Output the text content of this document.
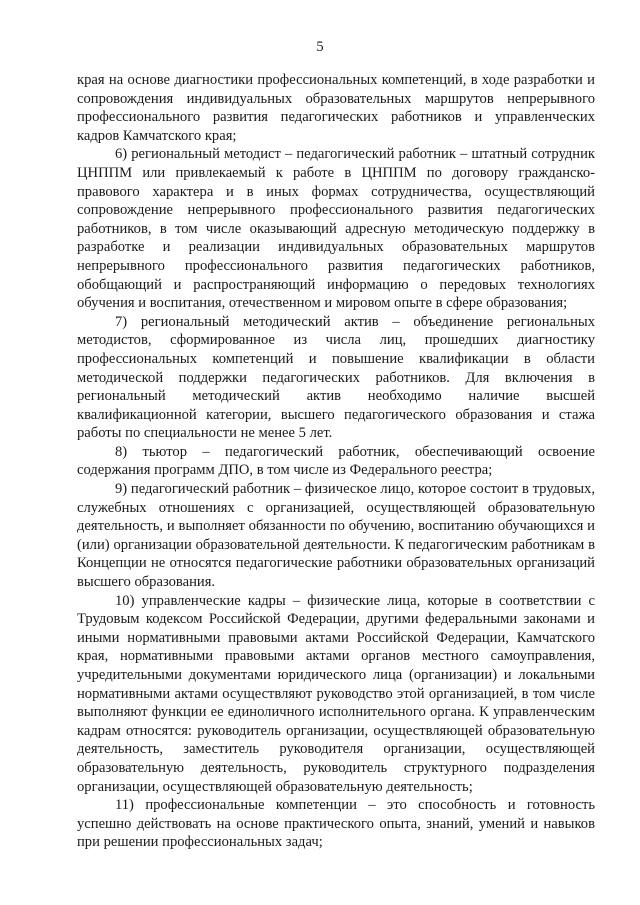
5

края на основе диагностики профессиональных компетенций, в ходе разработки и сопровождения индивидуальных образовательных маршрутов непрерывного профессионального развития педагогических работников и управленческих кадров Камчатского края;

6) региональный методист – педагогический работник – штатный сотрудник ЦНППМ или привлекаемый к работе в ЦНППМ по договору гражданско-правового характера и в иных формах сотрудничества, осуществляющий сопровождение непрерывного профессионального развития педагогических работников, в том числе оказывающий адресную методическую поддержку в разработке и реализации индивидуальных образовательных маршрутов непрерывного профессионального развития педагогических работников, обобщающий и распространяющий информацию о передовых технологиях обучения и воспитания, отечественном и мировом опыте в сфере образования;

7) региональный методический актив – объединение региональных методистов, сформированное из числа лиц, прошедших диагностику профессиональных компетенций и повышение квалификации в области методической поддержки педагогических работников. Для включения в региональный методический актив необходимо наличие высшей квалификационной категории, высшего педагогического образования и стажа работы по специальности не менее 5 лет.

8) тьютор – педагогический работник, обеспечивающий освоение содержания программ ДПО, в том числе из Федерального реестра;

9) педагогический работник – физическое лицо, которое состоит в трудовых, служебных отношениях с организацией, осуществляющей образовательную деятельность, и выполняет обязанности по обучению, воспитанию обучающихся и (или) организации образовательной деятельности. К педагогическим работникам в Концепции не относятся педагогические работники образовательных организаций высшего образования.

10) управленческие кадры – физические лица, которые в соответствии с Трудовым кодексом Российской Федерации, другими федеральными законами и иными нормативными правовыми актами Российской Федерации, Камчатского края, нормативными правовыми актами органов местного самоуправления, учредительными документами юридического лица (организации) и локальными нормативными актами осуществляют руководство этой организацией, в том числе выполняют функции ее единоличного исполнительного органа. К управленческим кадрам относятся: руководитель организации, осуществляющей образовательную деятельность, заместитель руководителя организации, осуществляющей образовательную деятельность, руководитель структурного подразделения организации, осуществляющей образовательную деятельность;

11) профессиональные компетенции – это способность и готовность успешно действовать на основе практического опыта, знаний, умений и навыков при решении профессиональных задач;
